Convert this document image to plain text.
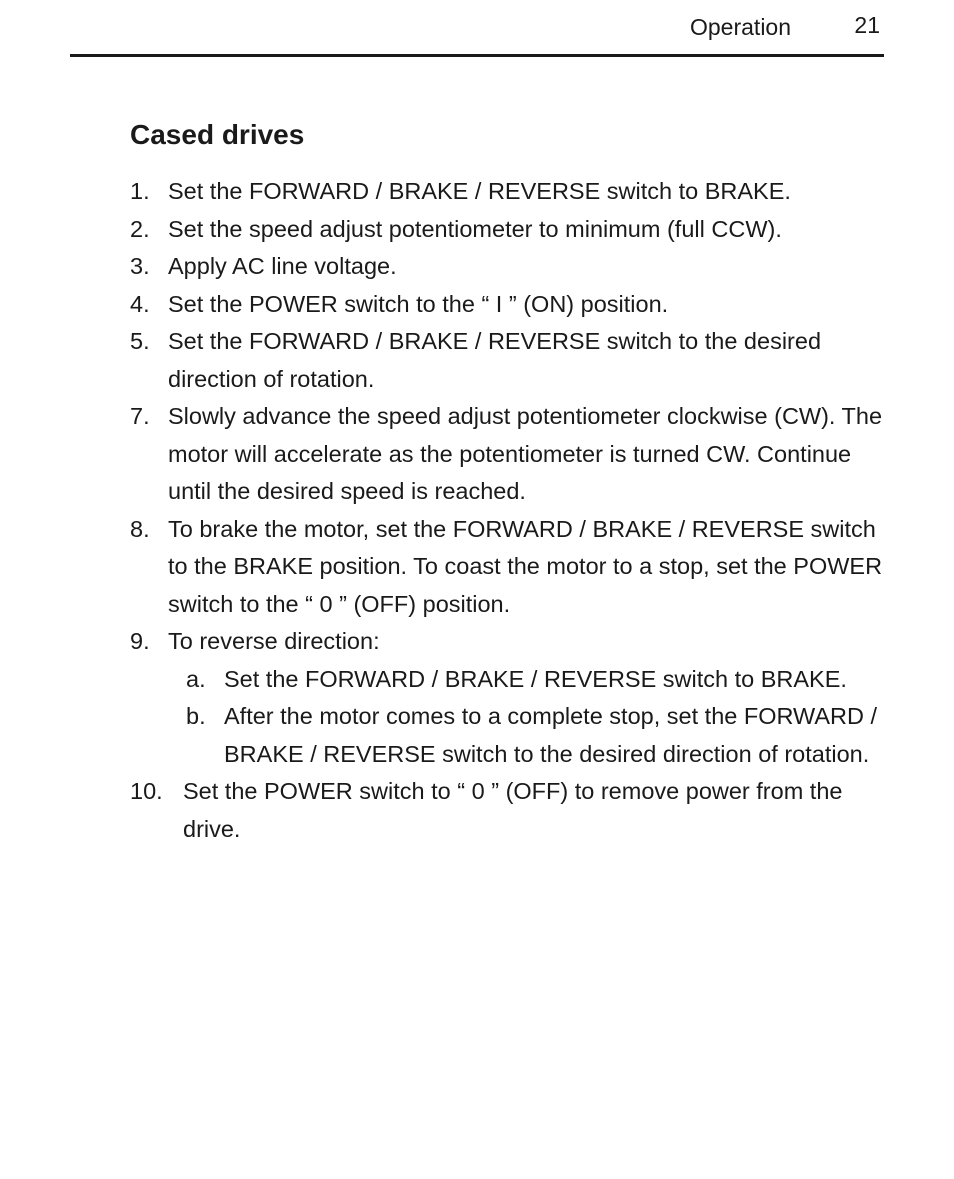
Operation	21
Cased drives
1. Set the FORWARD / BRAKE / REVERSE switch to BRAKE.
2. Set the speed adjust potentiometer to minimum (full CCW).
3. Apply AC line voltage.
4. Set the POWER switch to the “ I ” (ON) position.
5. Set the FORWARD / BRAKE / REVERSE switch to the desired direction of rotation.
7. Slowly advance the speed adjust potentiometer clockwise (CW). The motor will accelerate as the potentiometer is turned CW. Continue until the desired speed is reached.
8. To brake the motor, set the FORWARD / BRAKE / REVERSE switch to the BRAKE position. To coast the motor to a stop, set the POWER switch to the “ 0 ” (OFF) position.
9. To reverse direction:
a. Set the FORWARD / BRAKE / REVERSE switch to BRAKE.
b. After the motor comes to a complete stop, set the FORWARD / BRAKE / REVERSE switch to the desired direction of rotation.
10. Set the POWER switch to “ 0 ” (OFF) to remove power from the drive.
